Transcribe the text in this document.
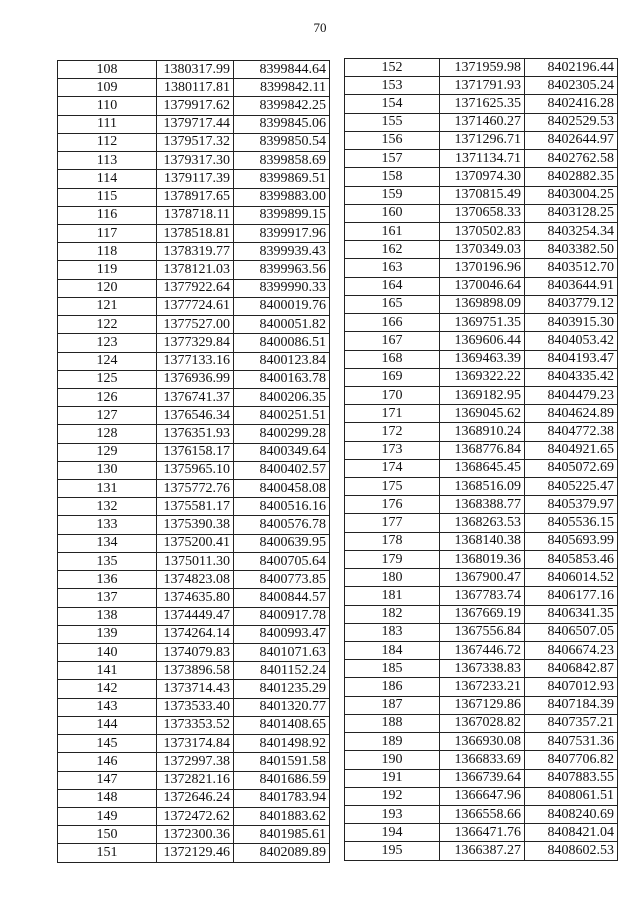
70
108	1380317.99	8399844.64
109	1380117.81	8399842.11
110	1379917.62	8399842.25
111	1379717.44	8399845.06
112	1379517.32	8399850.54
113	1379317.30	8399858.69
114	1379117.39	8399869.51
115	1378917.65	8399883.00
116	1378718.11	8399899.15
117	1378518.81	8399917.96
118	1378319.77	8399939.43
119	1378121.03	8399963.56
120	1377922.64	8399990.33
121	1377724.61	8400019.76
122	1377527.00	8400051.82
123	1377329.84	8400086.51
124	1377133.16	8400123.84
125	1376936.99	8400163.78
126	1376741.37	8400206.35
127	1376546.34	8400251.51
128	1376351.93	8400299.28
129	1376158.17	8400349.64
130	1375965.10	8400402.57
131	1375772.76	8400458.08
132	1375581.17	8400516.16
133	1375390.38	8400576.78
134	1375200.41	8400639.95
135	1375011.30	8400705.64
136	1374823.08	8400773.85
137	1374635.80	8400844.57
138	1374449.47	8400917.78
139	1374264.14	8400993.47
140	1374079.83	8401071.63
141	1373896.58	8401152.24
142	1373714.43	8401235.29
143	1373533.40	8401320.77
144	1373353.52	8401408.65
145	1373174.84	8401498.92
146	1372997.38	8401591.58
147	1372821.16	8401686.59
148	1372646.24	8401783.94
149	1372472.62	8401883.62
150	1372300.36	8401985.61
151	1372129.46	8402089.89
152	1371959.98	8402196.44
153	1371791.93	8402305.24
154	1371625.35	8402416.28
155	1371460.27	8402529.53
156	1371296.71	8402644.97
157	1371134.71	8402762.58
158	1370974.30	8402882.35
159	1370815.49	8403004.25
160	1370658.33	8403128.25
161	1370502.83	8403254.34
162	1370349.03	8403382.50
163	1370196.96	8403512.70
164	1370046.64	8403644.91
165	1369898.09	8403779.12
166	1369751.35	8403915.30
167	1369606.44	8404053.42
168	1369463.39	8404193.47
169	1369322.22	8404335.42
170	1369182.95	8404479.23
171	1369045.62	8404624.89
172	1368910.24	8404772.38
173	1368776.84	8404921.65
174	1368645.45	8405072.69
175	1368516.09	8405225.47
176	1368388.77	8405379.97
177	1368263.53	8405536.15
178	1368140.38	8405693.99
179	1368019.36	8405853.46
180	1367900.47	8406014.52
181	1367783.74	8406177.16
182	1367669.19	8406341.35
183	1367556.84	8406507.05
184	1367446.72	8406674.23
185	1367338.83	8406842.87
186	1367233.21	8407012.93
187	1367129.86	8407184.39
188	1367028.82	8407357.21
189	1366930.08	8407531.36
190	1366833.69	8407706.82
191	1366739.64	8407883.55
192	1366647.96	8408061.51
193	1366558.66	8408240.69
194	1366471.76	8408421.04
195	1366387.27	8408602.53
